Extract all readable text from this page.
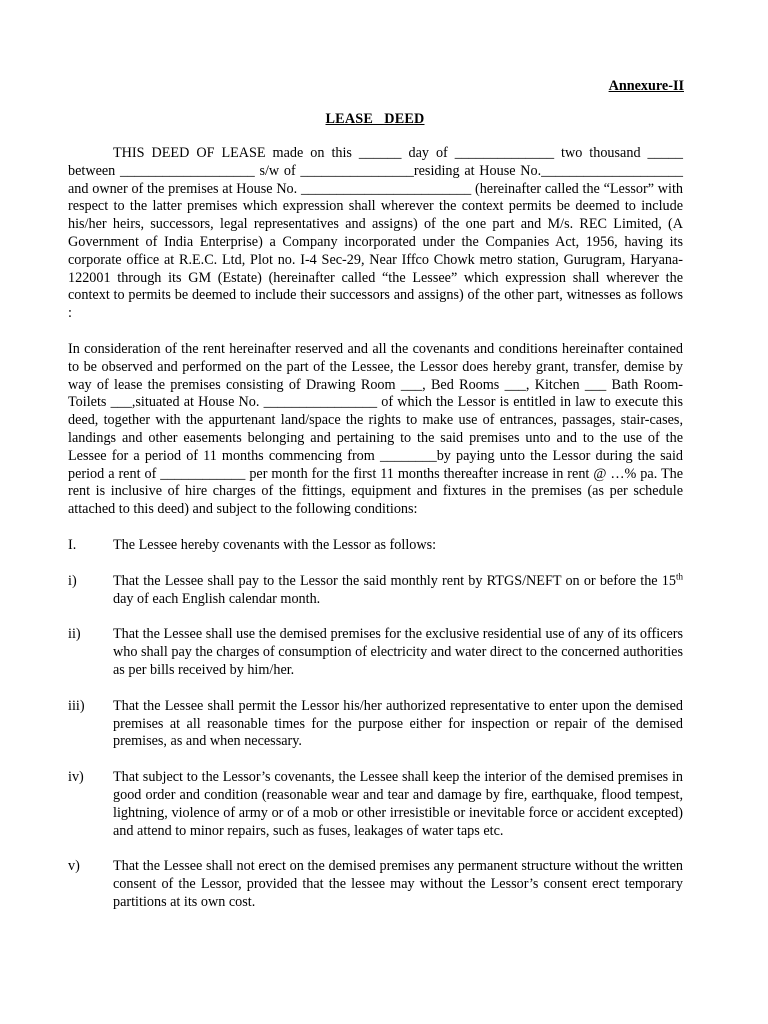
Annexure-II
LEASE   DEED

THIS DEED OF LEASE made on this ______ day of ______________ two thousand _____ between ___________________ s/w of ________________residing at House No.____________________ and owner of the premises at House No. ________________________ (hereinafter called the “Lessor” with respect to the latter premises which expression shall wherever the context permits be deemed to include his/her heirs, successors, legal representatives and assigns) of the one part and M/s. REC Limited, (A Government of India Enterprise) a Company incorporated under the Companies Act, 1956, having its corporate office at R.E.C. Ltd, Plot no. I-4 Sec-29, Near Iffco Chowk metro station, Gurugram, Haryana-122001 through its GM (Estate) (hereinafter called “the Lessee” which expression shall wherever the context to permits be deemed to include their successors and assigns) of the other part, witnesses as follows :

In consideration of the rent hereinafter reserved and all the covenants and conditions hereinafter contained to be observed and performed on the part of the Lessee, the Lessor does hereby grant, transfer, demise by way of lease the premises consisting of Drawing Room ___, Bed Rooms ___, Kitchen ___ Bath Room-Toilets ___,situated at House No. ________________ of which the Lessor is entitled in law to execute this deed, together with the appurtenant land/space the rights to make use of entrances, passages, stair-cases, landings and other easements belonging and pertaining to the said premises unto and to the use of the Lessee for a period of 11 months commencing from ________by paying unto the Lessor during the said period a rent of ____________ per month for the first 11 months thereafter increase in rent @ …% pa. The rent is inclusive of hire charges of the fittings, equipment and fixtures in the premises (as per schedule attached to this deed) and subject to the following conditions:

I.	The Lessee hereby covenants with the Lessor as follows:
i)	That the Lessee shall pay to the Lessor the said monthly rent by RTGS/NEFT on or before the 15th day of each English calendar month.
ii)	That the Lessee shall use the demised premises for the exclusive residential use of any of its officers who shall pay the charges of consumption of electricity and water direct to the concerned authorities as per bills received by him/her.
iii)	That the Lessee shall permit the Lessor his/her authorized representative to enter upon the demised premises at all reasonable times for the purpose either for inspection or repair of the demised premises, as and when necessary.
iv)	That subject to the Lessor’s covenants, the Lessee shall keep the interior of the demised premises in good order and condition (reasonable wear and tear and damage by fire, earthquake, flood tempest, lightning, violence of army or of a mob or other irresistible or inevitable force or accident excepted) and attend to minor repairs, such as fuses, leakages of water taps etc.
v)	That the Lessee shall not erect on the demised premises any permanent structure without the written consent of the Lessor, provided that the lessee may without the Lessor’s consent erect temporary partitions at its own cost.
